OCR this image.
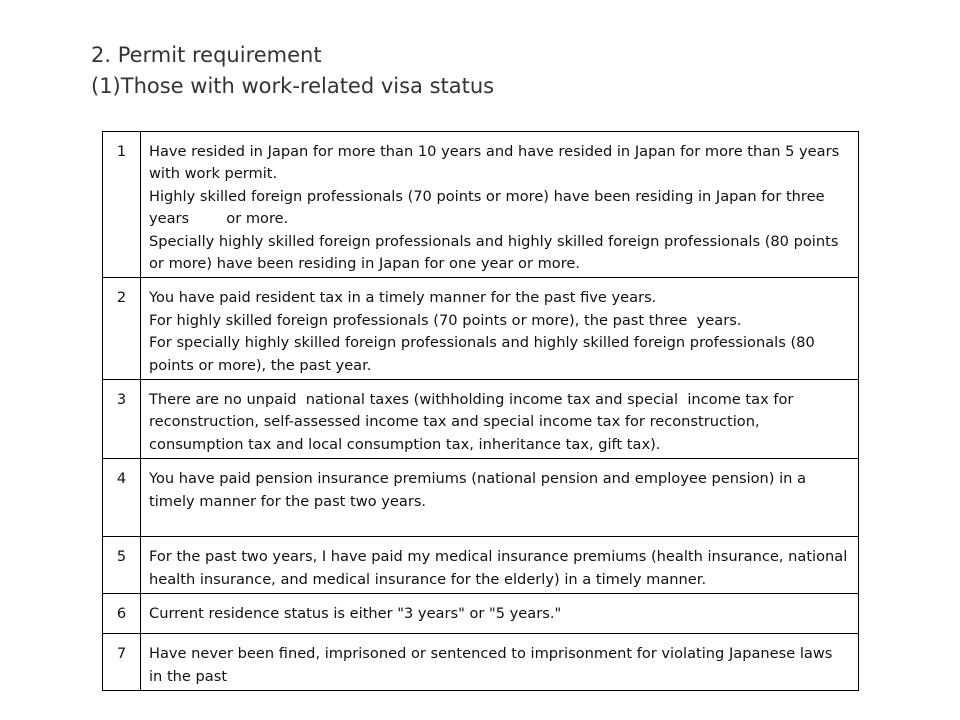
2. Permit requirement
(1)Those with work-related visa status
1	Have resided in Japan for more than 10 years and have resided in Japan for more than 5 years with work permit.
Highly skilled foreign professionals (70 points or more) have been residing in Japan for three years        or more.
Specially highly skilled foreign professionals and highly skilled foreign professionals (80 points or more) have been residing in Japan for one year or more.

2	You have paid resident tax in a timely manner for the past five years.
For highly skilled foreign professionals (70 points or more), the past three  years.
For specially highly skilled foreign professionals and highly skilled foreign professionals (80 points or more), the past year.

3	There are no unpaid  national taxes (withholding income tax and special  income tax for reconstruction, self-assessed income tax and special income tax for reconstruction, consumption tax and local consumption tax, inheritance tax, gift tax).

4	You have paid pension insurance premiums (national pension and employee pension) in a timely manner for the past two years.

5	For the past two years, I have paid my medical insurance premiums (health insurance, national health insurance, and medical insurance for the elderly) in a timely manner.

6	Current residence status is either "3 years" or "5 years."

7	Have never been fined, imprisoned or sentenced to imprisonment for violating Japanese laws in the past
